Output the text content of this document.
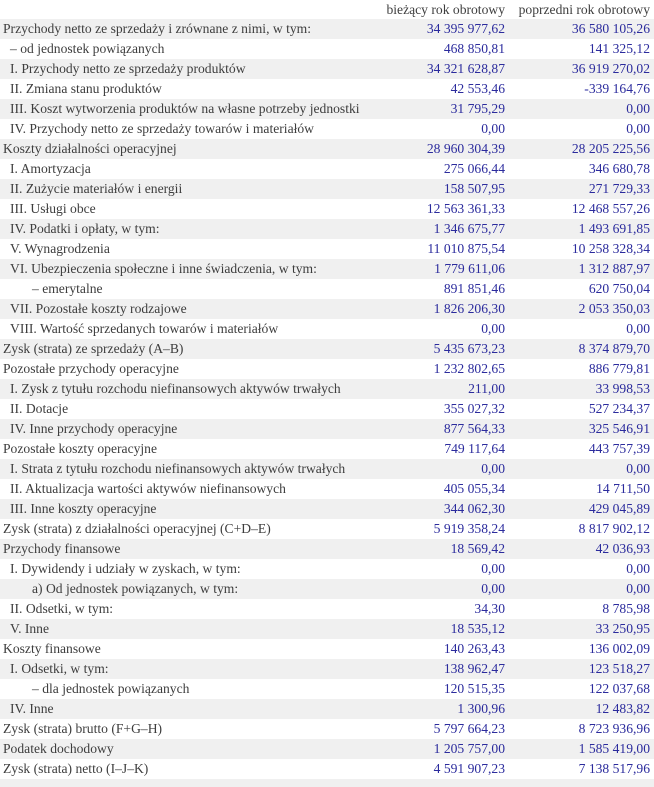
bieżący rok obrotowy	poprzedni rok obrotowy
Przychody netto ze sprzedaży i zrównane z nimi, w tym:	34 395 977,62	36 580 105,26
– od jednostek powiązanych	468 850,81	141 325,12
I. Przychody netto ze sprzedaży produktów	34 321 628,87	36 919 270,02
II. Zmiana stanu produktów	42 553,46	-339 164,76
III. Koszt wytworzenia produktów na własne potrzeby jednostki	31 795,29	0,00
IV. Przychody netto ze sprzedaży towarów i materiałów	0,00	0,00
Koszty działalności operacyjnej	28 960 304,39	28 205 225,56
I. Amortyzacja	275 066,44	346 680,78
II. Zużycie materiałów i energii	158 507,95	271 729,33
III. Usługi obce	12 563 361,33	12 468 557,26
IV. Podatki i opłaty, w tym:	1 346 675,77	1 493 691,85
V. Wynagrodzenia	11 010 875,54	10 258 328,34
VI. Ubezpieczenia społeczne i inne świadczenia, w tym:	1 779 611,06	1 312 887,97
– emerytalne	891 851,46	620 750,04
VII. Pozostałe koszty rodzajowe	1 826 206,30	2 053 350,03
VIII. Wartość sprzedanych towarów i materiałów	0,00	0,00
Zysk (strata) ze sprzedaży (A–B)	5 435 673,23	8 374 879,70
Pozostałe przychody operacyjne	1 232 802,65	886 779,81
I. Zysk z tytułu rozchodu niefinansowych aktywów trwałych	211,00	33 998,53
II. Dotacje	355 027,32	527 234,37
IV. Inne przychody operacyjne	877 564,33	325 546,91
Pozostałe koszty operacyjne	749 117,64	443 757,39
I. Strata z tytułu rozchodu niefinansowych aktywów trwałych	0,00	0,00
II. Aktualizacja wartości aktywów niefinansowych	405 055,34	14 711,50
III. Inne koszty operacyjne	344 062,30	429 045,89
Zysk (strata) z działalności operacyjnej (C+D–E)	5 919 358,24	8 817 902,12
Przychody finansowe	18 569,42	42 036,93
I. Dywidendy i udziały w zyskach, w tym:	0,00	0,00
a) Od jednostek powiązanych, w tym:	0,00	0,00
II. Odsetki, w tym:	34,30	8 785,98
V. Inne	18 535,12	33 250,95
Koszty finansowe	140 263,43	136 002,09
I. Odsetki, w tym:	138 962,47	123 518,27
– dla jednostek powiązanych	120 515,35	122 037,68
IV. Inne	1 300,96	12 483,82
Zysk (strata) brutto (F+G–H)	5 797 664,23	8 723 936,96
Podatek dochodowy	1 205 757,00	1 585 419,00
Zysk (strata) netto (I–J–K)	4 591 907,23	7 138 517,96
